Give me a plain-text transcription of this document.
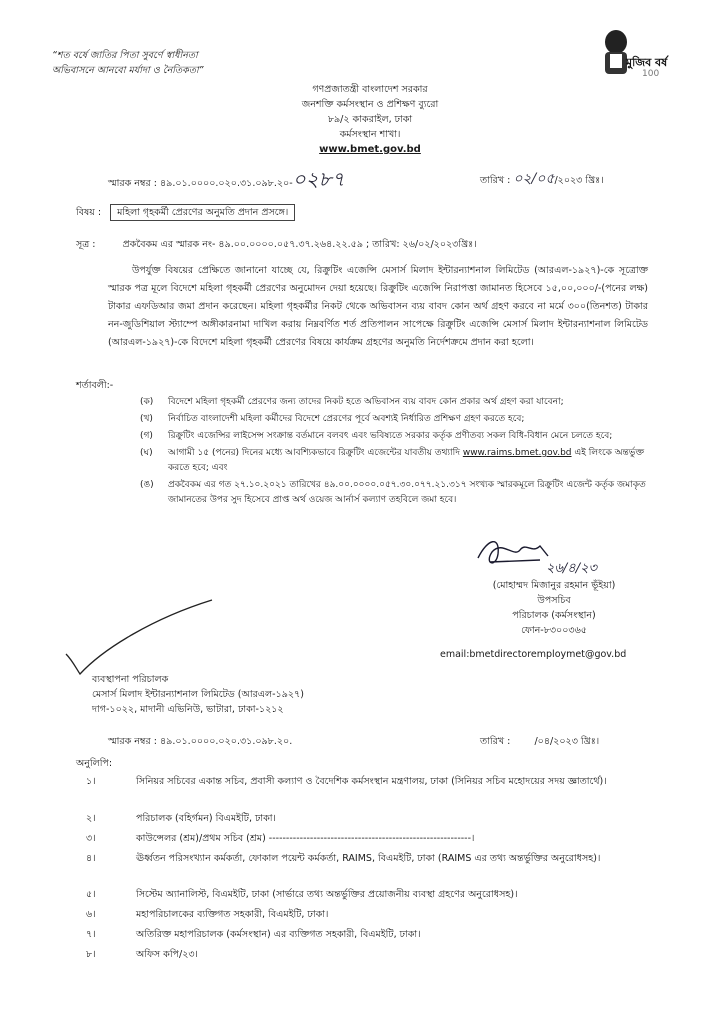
“শত বর্ষে জাতির পিতা সুবর্ণে স্বাধীনতা
অভিবাসনে আনবো মর্যাদা ও নৈতিকতা”
মুজিব বর্ষ
100
গণপ্রজাতন্ত্রী বাংলাদেশ সরকার
জনশক্তি কর্মসংস্থান ও প্রশিক্ষণ ব্যুরো
৮৯/২ কাকরাইল, ঢাকা
কর্মসংস্থান শাখা।
www.bmet.gov.bd
স্মারক নম্বর : ৪৯.০১.০০০০.০২০.৩১.০৯৮.২০-০২৮৭	তারিখ : ০২/০৫/২০২৩ খ্রিঃ।
বিষয় : মহিলা গৃহকর্মী প্রেরণের অনুমতি প্রদান প্রসঙ্গে।
সূত্র :	প্রকবৈকম এর স্মারক নং- ৪৯.০০.০০০০.০৫৭.৩৭.২৬৪.২২.৫৯ ; তারিখ: ২৬/০২/২০২৩খ্রিঃ।
উপর্যুক্ত বিষয়ের প্রেক্ষিতে জানানো যাচ্ছে যে, রিক্রুটিং এজেন্সি মেসার্স মিলাদ ইন্টারন্যাশনাল লিমিটেড (আরএল-১৯২৭)-কে সূত্রোক্ত স্মারক পত্র মূলে বিদেশে মহিলা গৃহকর্মী প্রেরণের অনুমোদন দেয়া হয়েছে। রিক্রুটিং এজেন্সি নিরাপত্তা জামানত হিসেবে ১৫,০০,০০০/-(পনের লক্ষ) টাকার এফডিআর জমা প্রদান করেছেন। মহিলা গৃহকর্মীর নিকট থেকে অভিবাসন ব্যয় বাবদ কোন অর্থ গ্রহণ করবে না মর্মে ৩০০(তিনশত) টাকার নন-জুডিশিয়াল স্ট্যাম্পে অঙ্গীকারনামা দাখিল করায় নিম্নবর্ণিত শর্ত প্রতিপালন সাপেক্ষে রিক্রুটিং এজেন্সি মেসার্স মিলাদ ইন্টারন্যাশনাল লিমিটেড (আরএল-১৯২৭)-কে বিদেশে মহিলা গৃহকর্মী প্রেরণের বিষয়ে কার্যক্রম গ্রহণের অনুমতি নির্দেশক্রমে প্রদান করা হলো।
শর্তাবলী:-
(ক)	বিদেশে মহিলা গৃহকর্মী প্রেরণের জন্য তাদের নিকট হতে অভিবাসন ব্যয় বাবদ কোন প্রকার অর্থ গ্রহণ করা যাবেনা;
(খ)	নির্বাচিত বাংলাদেশী মহিলা কর্মীদের বিদেশে প্রেরণের পূর্বে অবশ্যই নির্ধারিত প্রশিক্ষণ গ্রহণ করতে হবে;
(গ)	রিক্রুটিং এজেন্সির লাইসেন্স সংক্রান্ত বর্তমানে বলবৎ এবং ভবিষ্যতে সরকার কর্তৃক প্রণীতব্য সকল বিধি-বিধান মেনে চলতে হবে;
(ঘ)	আগামী ১৫ (পনের) দিনের মধ্যে আবশ্যিকভাবে রিক্রুটিং এজেন্টের যাবতীয় তথ্যাদি www.raims.bmet.gov.bd এই লিংকে অন্তর্ভুক্ত করতে হবে; এবং
(ঙ)	প্রকবৈকম এর গত ২৭.১০.২০২১ তারিখের ৪৯.০০.০০০০.০৫৭.৩০.০৭৭.২১.৩১৭ সংখ্যক স্মারকমূলে রিক্রুটিং এজেন্ট কর্তৃক জমাকৃত জামানতের উপর সুদ হিসেবে প্রাপ্ত অর্থ ওয়েজ আর্নার্স কল্যাণ তহবিলে জমা হবে।
২৬/৪/২৩
(মোহাম্মদ মিজানুর রহমান ভূঁইয়া)
উপসচিব
পরিচালক (কর্মসংস্থান)
ফোন-৮৩০০৩৬৫
email:bmetdirectoremploymet@gov.bd
ব্যবস্থাপনা পরিচালক
মেসার্স মিলাদ ইন্টারন্যাশনাল লিমিটেড (আরএল-১৯২৭)
দাগ-১০২২, মাদানী এভিনিউ, ভাটারা, ঢাকা-১২১২
স্মারক নম্বর : ৪৯.০১.০০০০.০২০.৩১.০৯৮.২০.	তারিখ :        /০৪/২০২৩ খ্রিঃ।
অনুলিপি:
১।	সিনিয়র সচিবের একান্ত সচিব, প্রবাসী কল্যাণ ও বৈদেশিক কর্মসংস্থান মন্ত্রণালয়, ঢাকা (সিনিয়র সচিব মহোদয়ের সদয় জ্ঞাতার্থে)।
২।	পরিচালক (বহির্গমন) বিএমইটি, ঢাকা।
৩।	কাউন্সেলর (শ্রম)/প্রথম সচিব (শ্রম) -----------------------------------------------------------।
৪।	ঊর্ধ্বতন পরিসংখ্যান কর্মকর্তা, ফোকাল পয়েন্ট কর্মকর্তা, RAIMS, বিএমইটি, ঢাকা (RAIMS এর তথ্য অন্তর্ভুক্তির অনুরোধসহ)।
৫।	সিস্টেম অ্যানালিস্ট, বিএমইটি, ঢাকা (সার্ভারে তথ্য অন্তর্ভুক্তির প্রয়োজনীয় ব্যবস্থা গ্রহণের অনুরোধসহ)।
৬।	মহাপরিচালকের ব্যক্তিগত সহকারী, বিএমইটি, ঢাকা।
৭।	অতিরিক্ত মহাপরিচালক (কর্মসংস্থান) এর ব্যক্তিগত সহকারী, বিএমইটি, ঢাকা।
৮।	অফিস কপি/২৩।
